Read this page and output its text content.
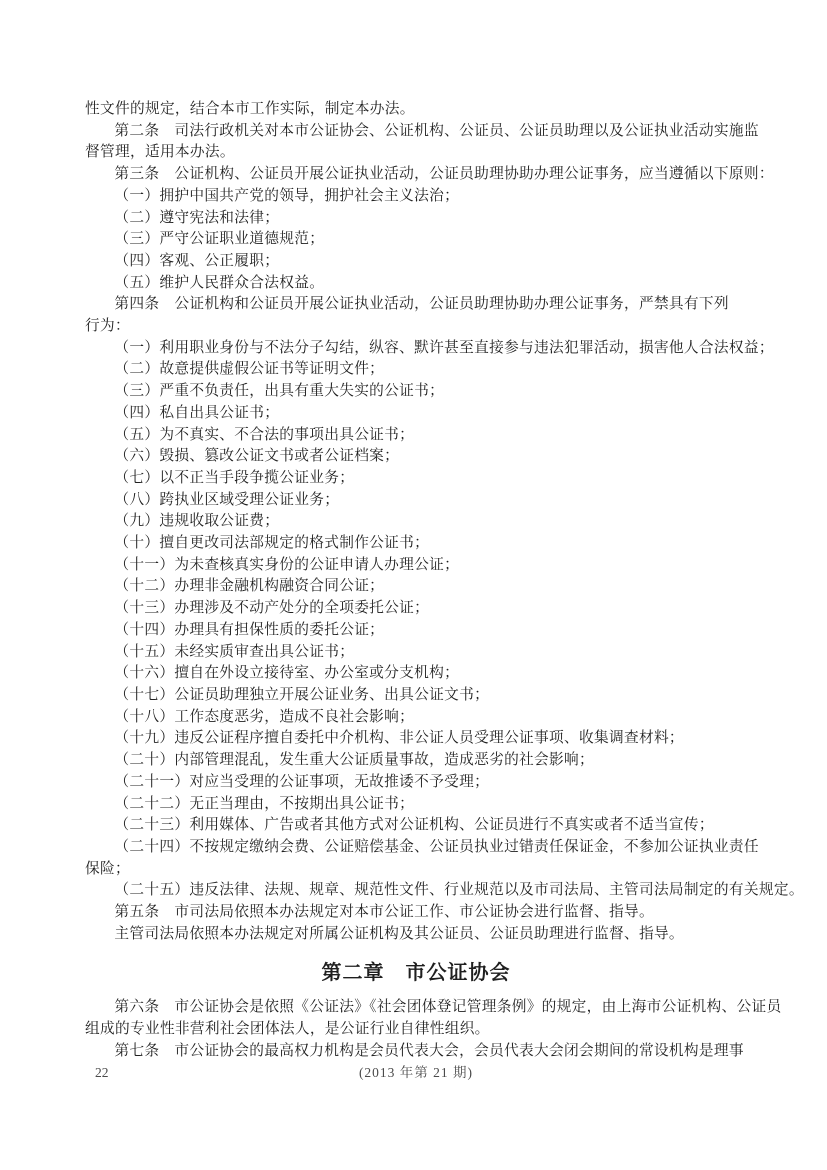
性文件的规定，结合本市工作实际，制定本办法。
第二条　司法行政机关对本市公证协会、公证机构、公证员、公证员助理以及公证执业活动实施监
督管理，适用本办法。
第三条　公证机构、公证员开展公证执业活动，公证员助理协助办理公证事务，应当遵循以下原则：
（一）拥护中国共产党的领导，拥护社会主义法治；
（二）遵守宪法和法律；
（三）严守公证职业道德规范；
（四）客观、公正履职；
（五）维护人民群众合法权益。
第四条　公证机构和公证员开展公证执业活动，公证员助理协助办理公证事务，严禁具有下列
行为：
（一）利用职业身份与不法分子勾结，纵容、默许甚至直接参与违法犯罪活动，损害他人合法权益；
（二）故意提供虚假公证书等证明文件；
（三）严重不负责任，出具有重大失实的公证书；
（四）私自出具公证书；
（五）为不真实、不合法的事项出具公证书；
（六）毁损、篡改公证文书或者公证档案；
（七）以不正当手段争揽公证业务；
（八）跨执业区域受理公证业务；
（九）违规收取公证费；
（十）擅自更改司法部规定的格式制作公证书；
（十一）为未查核真实身份的公证申请人办理公证；
（十二）办理非金融机构融资合同公证；
（十三）办理涉及不动产处分的全项委托公证；
（十四）办理具有担保性质的委托公证；
（十五）未经实质审查出具公证书；
（十六）擅自在外设立接待室、办公室或分支机构；
（十七）公证员助理独立开展公证业务、出具公证文书；
（十八）工作态度恶劣，造成不良社会影响；
（十九）违反公证程序擅自委托中介机构、非公证人员受理公证事项、收集调查材料；
（二十）内部管理混乱，发生重大公证质量事故，造成恶劣的社会影响；
（二十一）对应当受理的公证事项，无故推诿不予受理；
（二十二）无正当理由，不按期出具公证书；
（二十三）利用媒体、广告或者其他方式对公证机构、公证员进行不真实或者不适当宣传；
（二十四）不按规定缴纳会费、公证赔偿基金、公证员执业过错责任保证金，不参加公证执业责任
保险；
（二十五）违反法律、法规、规章、规范性文件、行业规范以及市司法局、主管司法局制定的有关规定。
第五条　市司法局依照本办法规定对本市公证工作、市公证协会进行监督、指导。
主管司法局依照本办法规定对所属公证机构及其公证员、公证员助理进行监督、指导。
第二章　市公证协会
第六条　市公证协会是依照《公证法》《社会团体登记管理条例》的规定，由上海市公证机构、公证员
组成的专业性非营利社会团体法人，是公证行业自律性组织。
第七条　市公证协会的最高权力机构是会员代表大会，会员代表大会闭会期间的常设机构是理事
22	(2013 年第 21 期)
